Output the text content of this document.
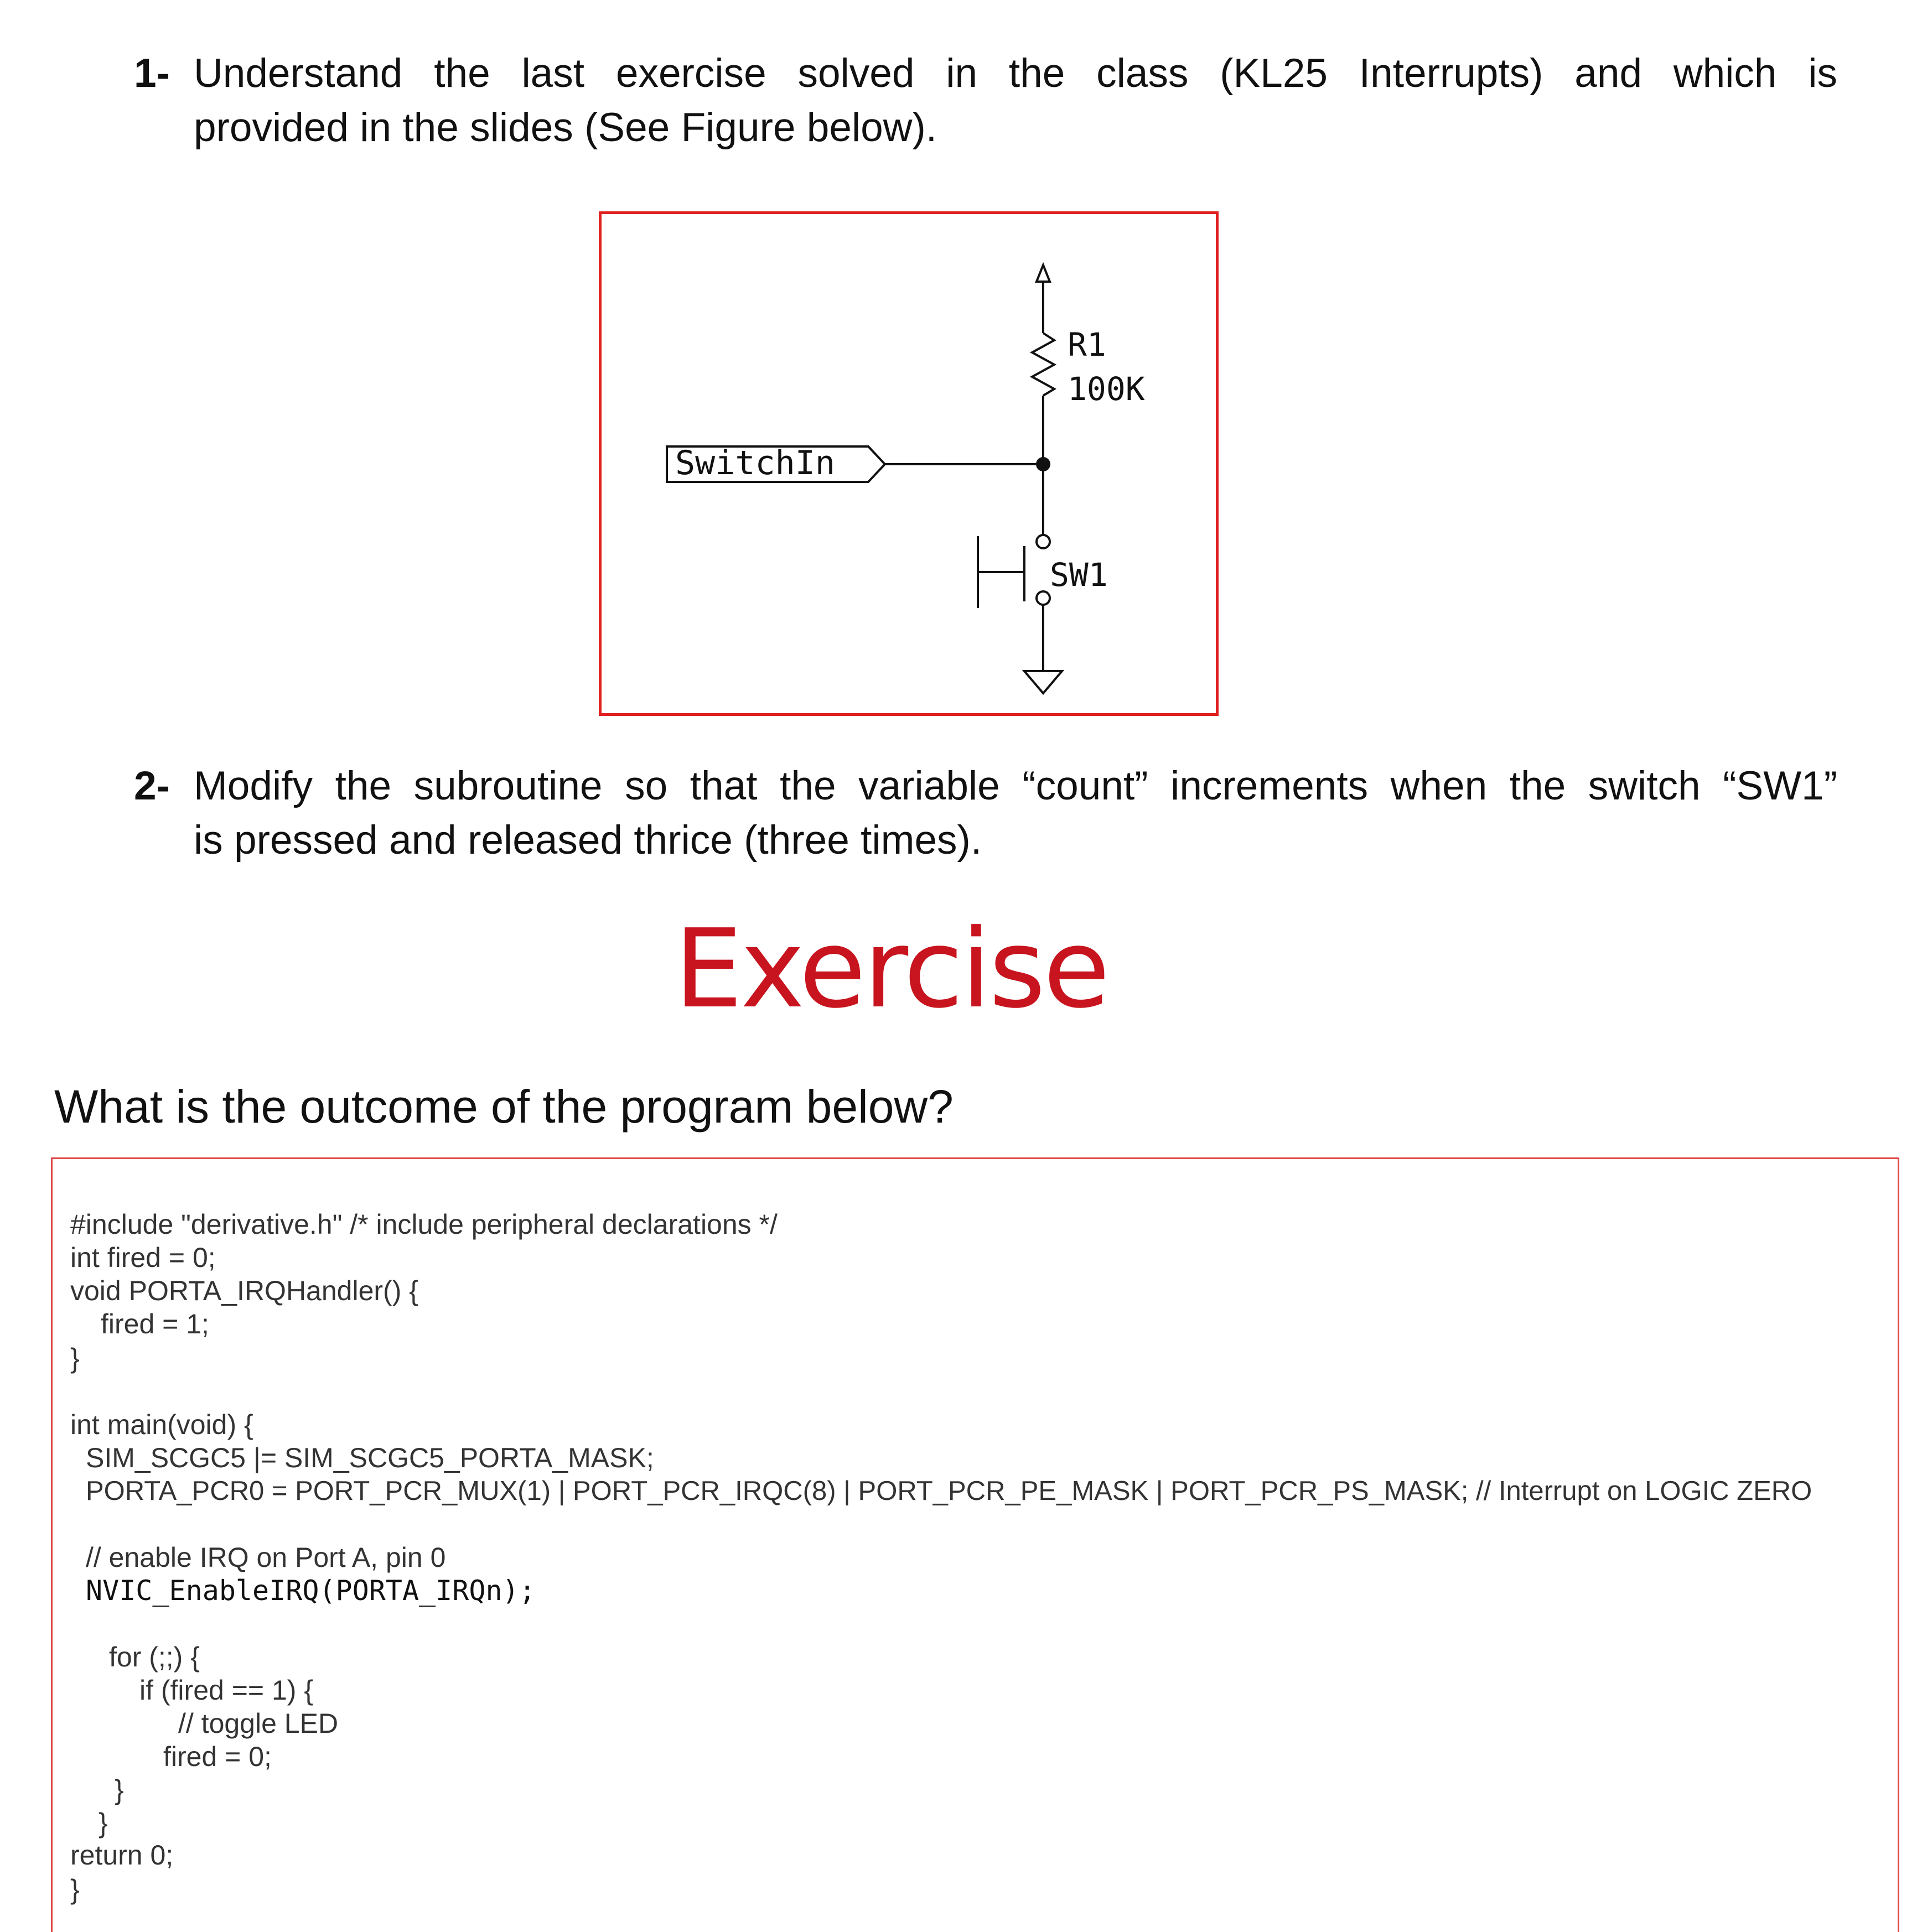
1- Understand the last exercise solved in the class (KL25 Interrupts) and which is
provided in the slides (See Figure below).
R1
100K
SwitchIn
SW1
2- Modify the subroutine so that the variable “count” increments when the switch “SW1”
is pressed and released thrice (three times).
Exercise
What is the outcome of the program below?
#include "derivative.h" /* include peripheral declarations */
int fired = 0;
void PORTA_IRQHandler() {
fired = 1;
}
int main(void) {
SIM_SCGC5 |= SIM_SCGC5_PORTA_MASK;
PORTA_PCR0 = PORT_PCR_MUX(1) | PORT_PCR_IRQC(8) | PORT_PCR_PE_MASK | PORT_PCR_PS_MASK; // Interrupt on LOGIC ZERO
// enable IRQ on Port A, pin 0
NVIC_EnableIRQ(PORTA_IRQn);
for (;;) {
if (fired == 1) {
// toggle LED
fired = 0;
}
}
return 0;
}
